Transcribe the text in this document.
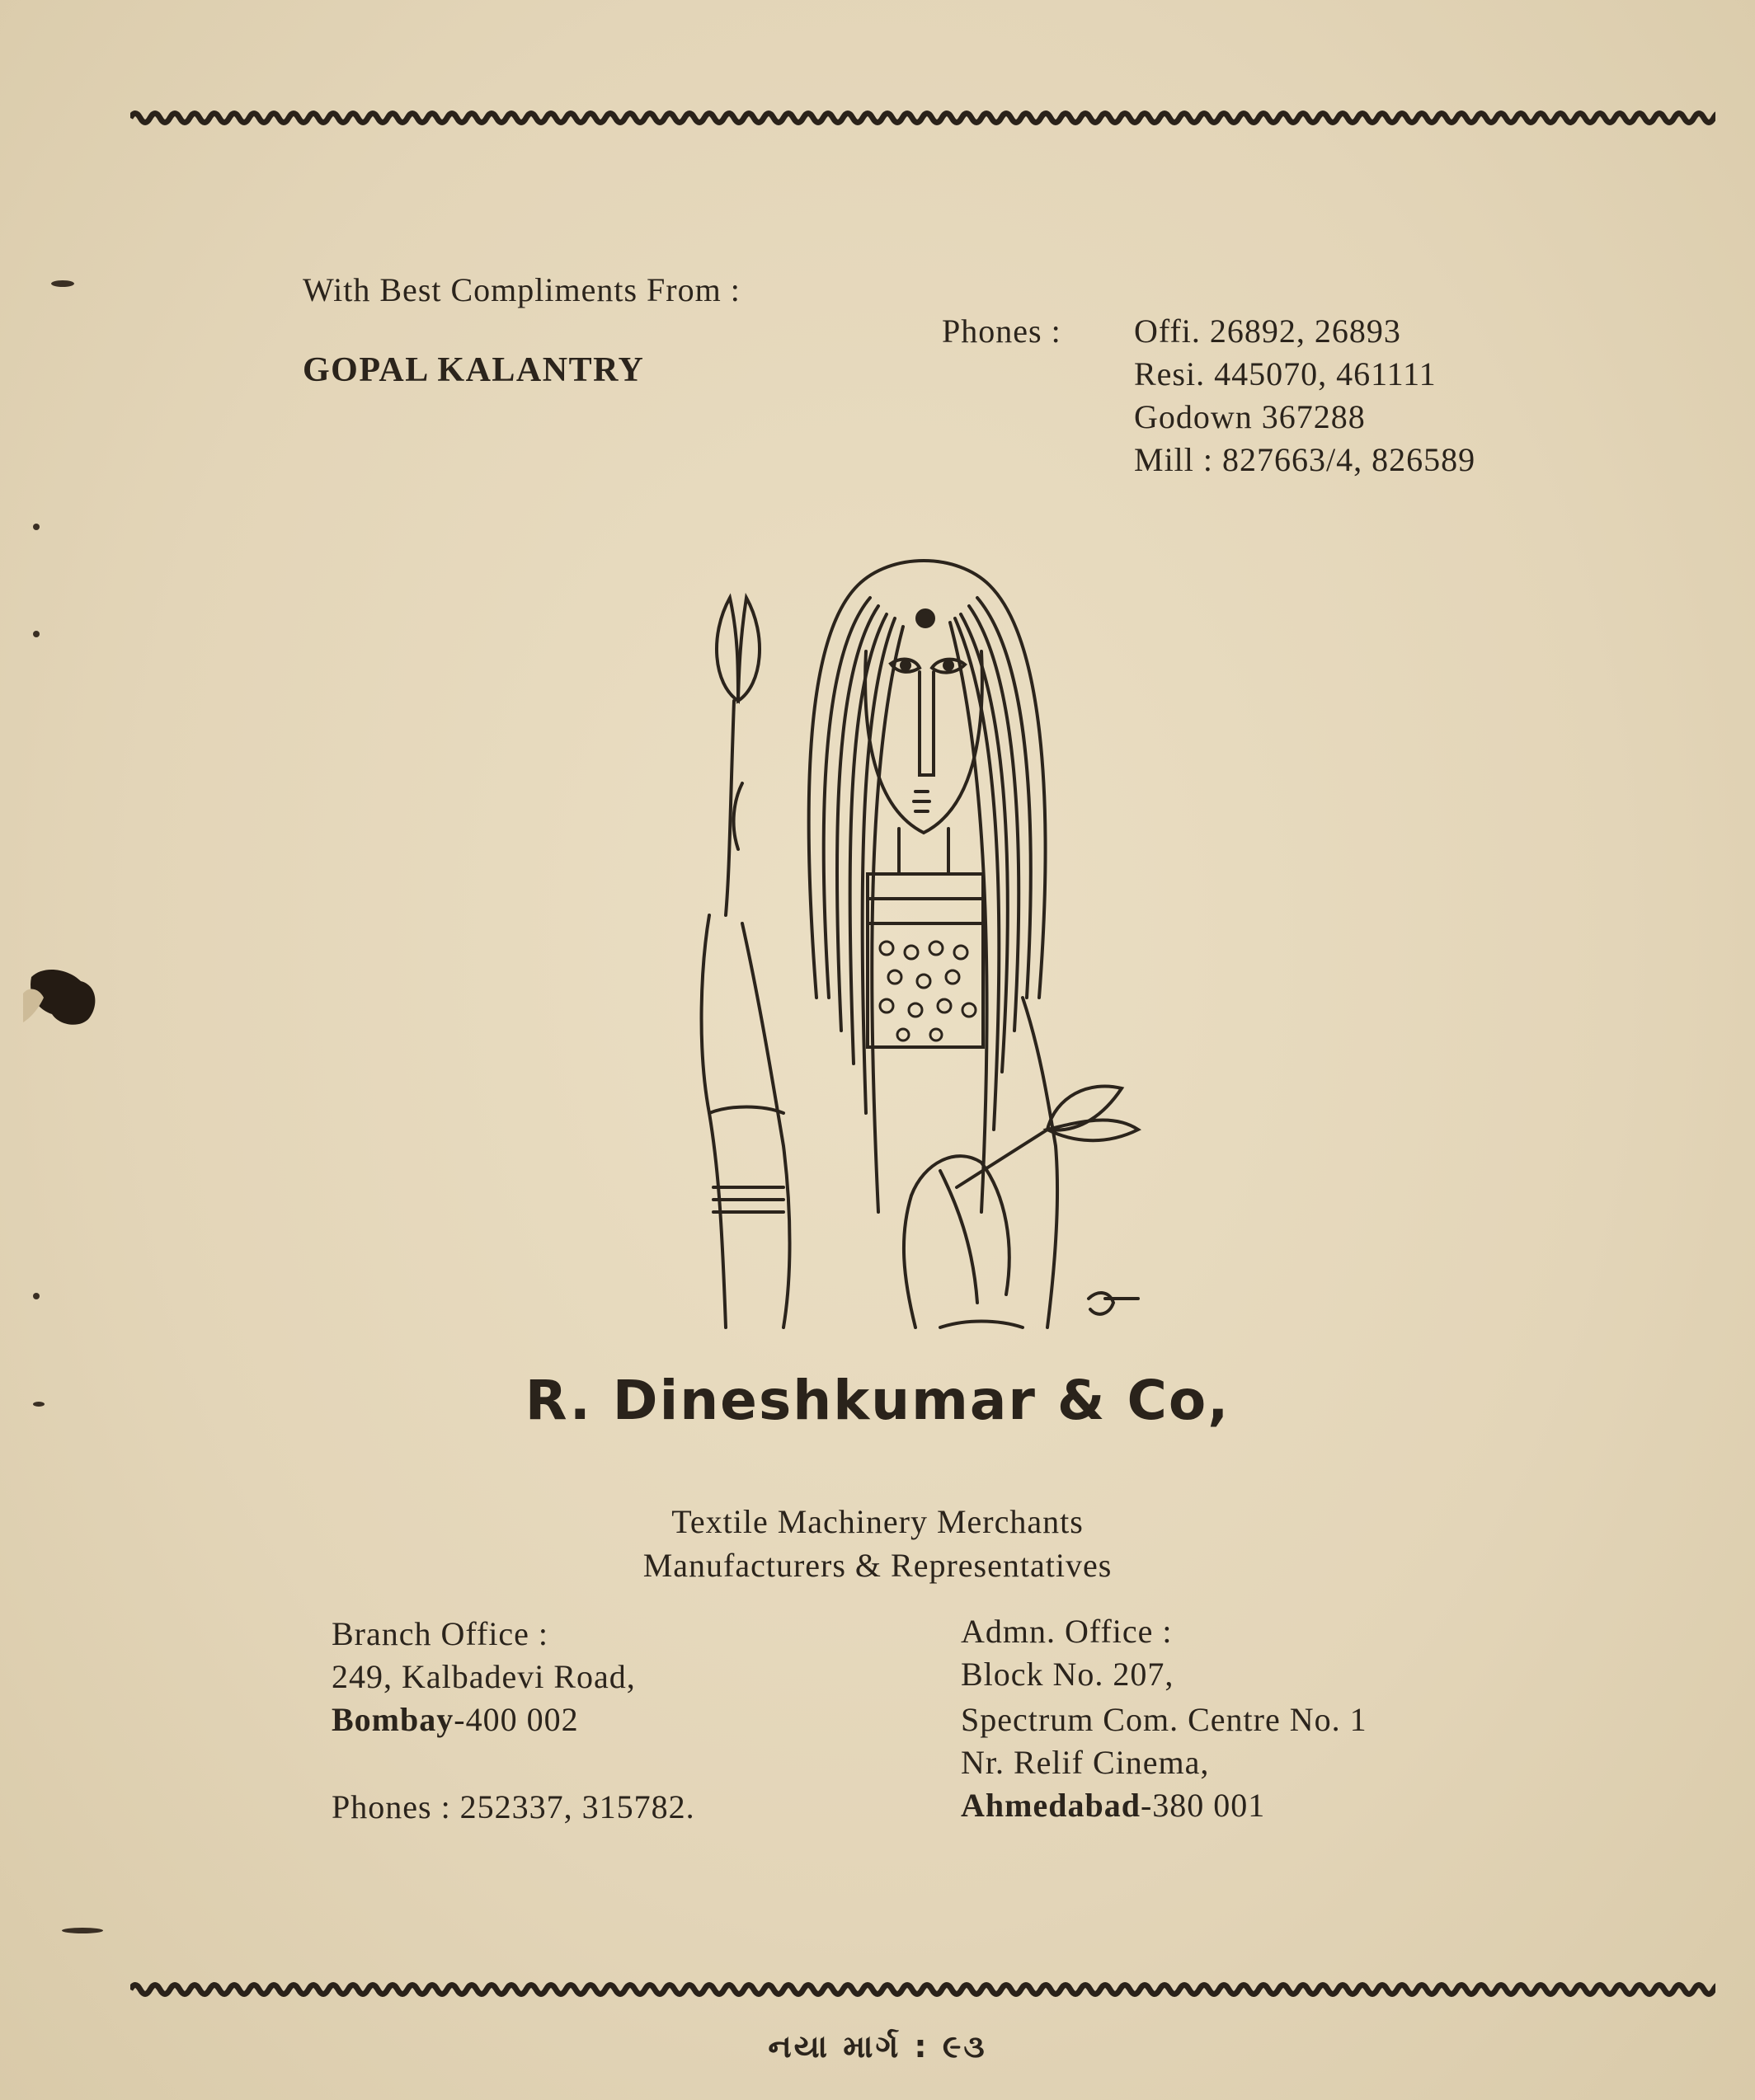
With Best Compliments From :
GOPAL KALANTRY
Phones : Offi. 26892, 26893
Resi. 445070, 461111
Godown 367288
Mill : 827663/4, 826589
R. Dineshkumar & Co,
Textile Machinery Merchants
Manufacturers & Representatives
Branch Office :
249, Kalbadevi Road,
Bombay-400 002
Phones : 252337, 315782.
Admn. Office :
Block No. 207,
Spectrum Com. Centre No. 1
Nr. Relif Cinema,
Ahmedabad-380 001
નયા માર્ગ : ૯૩
